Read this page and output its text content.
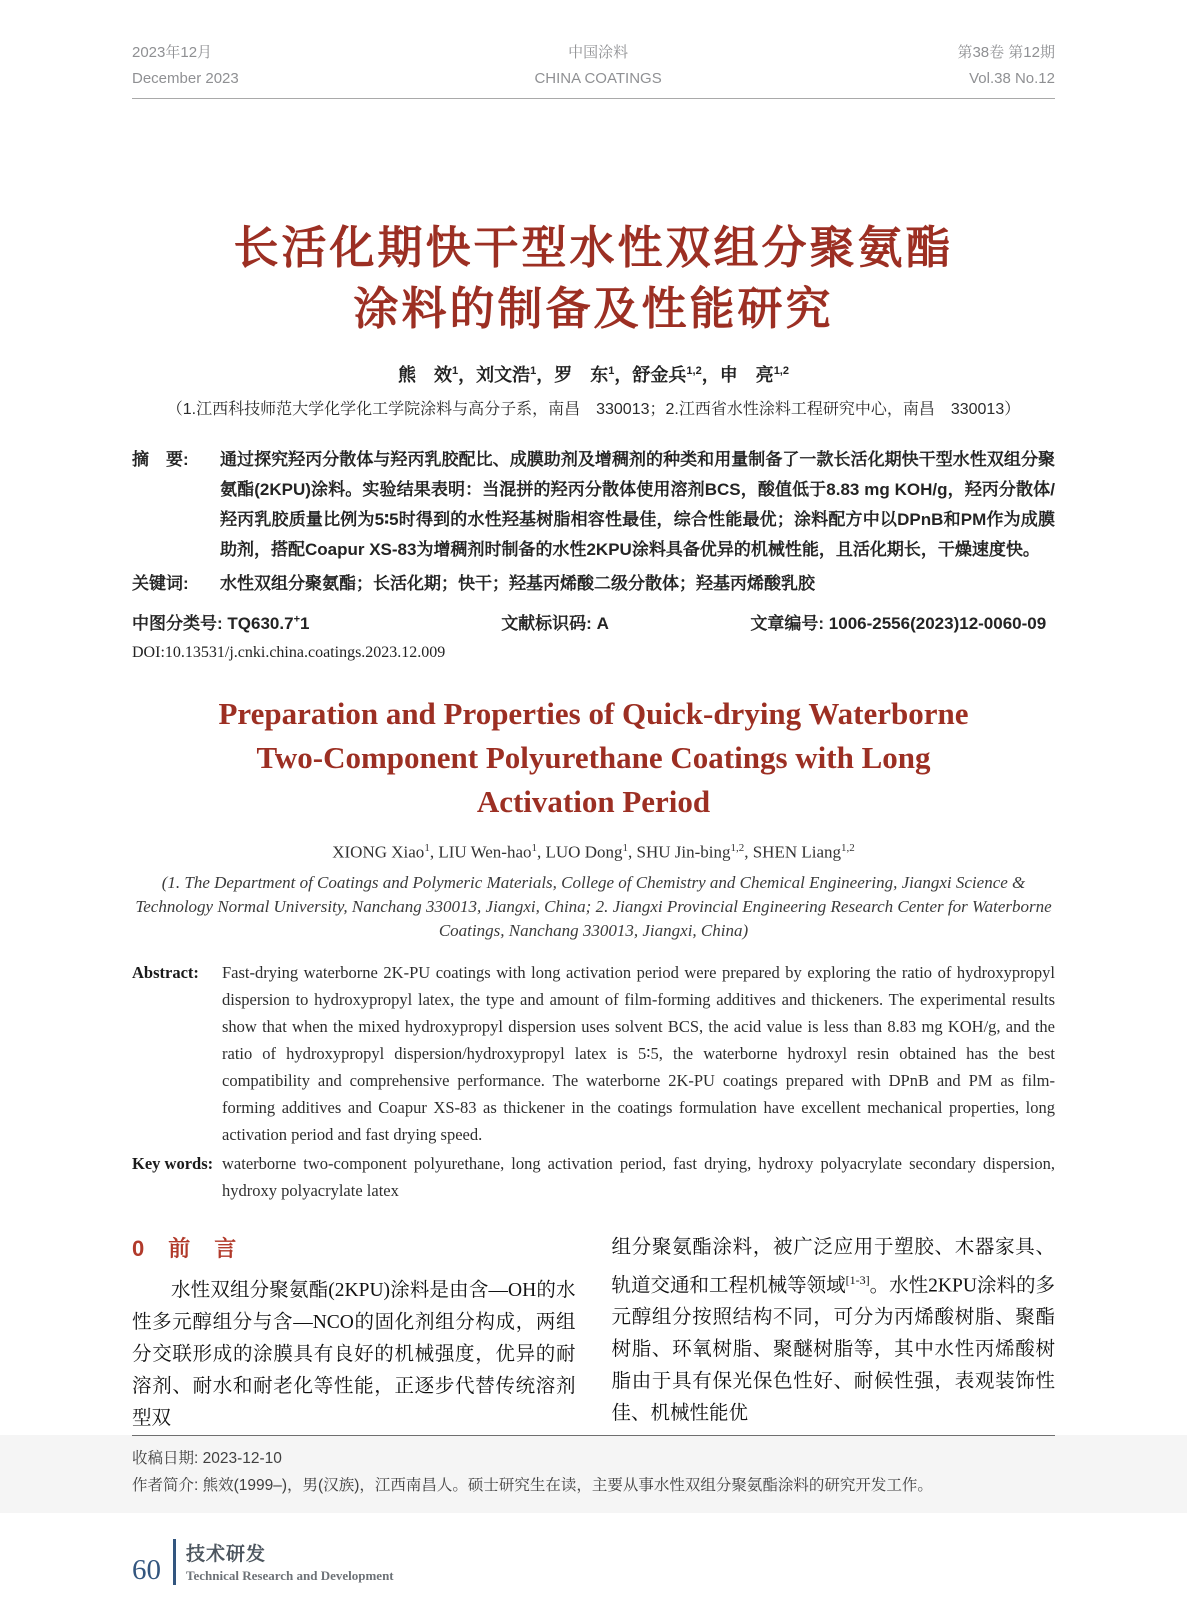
2023年12月
December 2023
中国涂料
CHINA COATINGS
第38卷 第12期
Vol.38 No.12
长活化期快干型水性双组分聚氨酯
涂料的制备及性能研究
熊　效$^1$，刘文浩$^1$，罗　东$^1$，舒金兵$^{1,2}$，申　亮$^{1,2}$
（1.江西科技师范大学化学化工学院涂料与高分子系，南昌　330013；2.江西省水性涂料工程研究中心，南昌　330013）
摘　要:	通过探究羟丙分散体与羟丙乳胶配比、成膜助剂及增稠剂的种类和用量制备了一款长活化期快干型水性双组分聚氨酯(2KPU)涂料。实验结果表明：当混拼的羟丙分散体使用溶剂BCS，酸值低于8.83 mg KOH/g，羟丙分散体/羟丙乳胶质量比例为5∶5时得到的水性羟基树脂相容性最佳，综合性能最优；涂料配方中以DPnB和PM作为成膜助剂，搭配Coapur XS-83为增稠剂时制备的水性2KPU涂料具备优异的机械性能，且活化期长，干燥速度快。
关键词:	水性双组分聚氨酯；长活化期；快干；羟基丙烯酸二级分散体；羟基丙烯酸乳胶
中图分类号: TQ630.7+1	文献标识码: A	文章编号: 1006-2556(2023)12-0060-09
DOI:10.13531/j.cnki.china.coatings.2023.12.009
Preparation and Properties of Quick-drying Waterborne
Two-Component Polyurethane Coatings with Long
Activation Period
XIONG Xiao$^1$, LIU Wen-hao$^1$, LUO Dong$^1$, SHU Jin-bing$^{1,2}$, SHEN Liang$^{1,2}$
(1. The Department of Coatings and Polymeric Materials, College of Chemistry and Chemical Engineering, Jiangxi Science & Technology Normal University, Nanchang 330013, Jiangxi, China; 2. Jiangxi Provincial Engineering Research Center for Waterborne Coatings, Nanchang 330013, Jiangxi, China)
Abstract:	Fast-drying waterborne 2K-PU coatings with long activation period were prepared by exploring the ratio of hydroxypropyl dispersion to hydroxypropyl latex, the type and amount of film-forming additives and thickeners. The experimental results show that when the mixed hydroxypropyl dispersion uses solvent BCS, the acid value is less than 8.83 mg KOH/g, and the ratio of hydroxypropyl dispersion/hydroxypropyl latex is 5∶5, the waterborne hydroxyl resin obtained has the best compatibility and comprehensive performance. The waterborne 2K-PU coatings prepared with DPnB and PM as film-forming additives and Coapur XS-83 as thickener in the coatings formulation have excellent mechanical properties, long activation period and fast drying speed.
Key words: waterborne two-component polyurethane, long activation period, fast drying, hydroxy polyacrylate secondary dispersion, hydroxy polyacrylate latex
0　前　言

水性双组分聚氨酯(2KPU)涂料是由含—OH的水性多元醇组分与含—NCO的固化剂组分构成，两组分交联形成的涂膜具有良好的机械强度，优异的耐溶剂、耐水和耐老化等性能，正逐步代替传统溶剂型双

组分聚氨酯涂料，被广泛应用于塑胶、木器家具、轨道交通和工程机械等领域[1-3]。水性2KPU涂料的多元醇组分按照结构不同，可分为丙烯酸树脂、聚酯树脂、环氧树脂、聚醚树脂等，其中水性丙烯酸树脂由于具有保光保色性好、耐候性强，表观装饰性佳、机械性能优

收稿日期: 2023-12-10
作者简介: 熊效(1999–)，男(汉族)，江西南昌人。硕士研究生在读，主要从事水性双组分聚氨酯涂料的研究开发工作。
60 技术研发
Technical Research and Development
